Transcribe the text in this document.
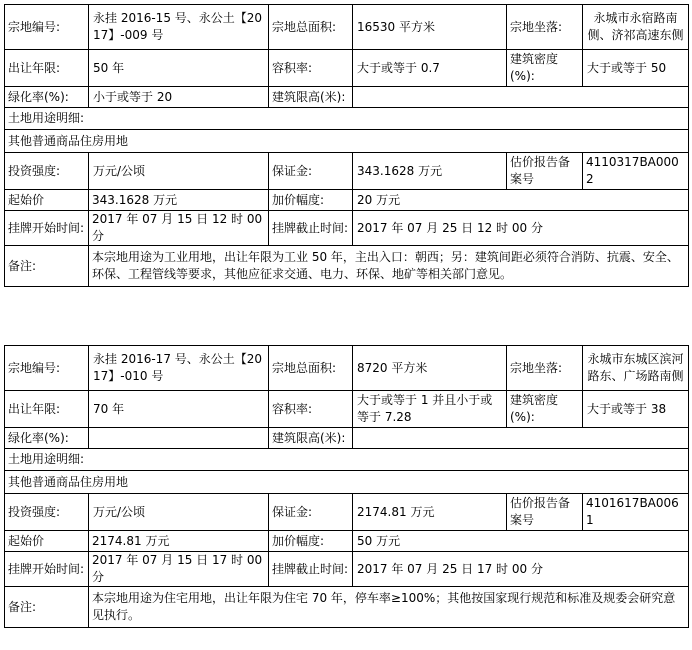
宗地编号:	永挂 2016-15 号、永公土【2017】-009 号	宗地总面积:	16530 平方米	宗地坐落:	永城市永宿路南侧、济祁高速东侧
出让年限:	50 年	容积率:	大于或等于 0.7	建筑密度(%):	大于或等于 50
绿化率(%):	小于或等于 20	建筑限高(米):			
土地用途明细:					
其他普通商品住房用地					
投资强度:	万元/公顷	保证金:	343.1628 万元	估价报告备案号	4110317BA0002
起始价	343.1628 万元	加价幅度:	20 万元		
挂牌开始时间:	2017 年 07 月 15 日 12 时 00 分	挂牌截止时间:	2017 年 07 月 25 日 12 时 00 分		
备注:	本宗地用途为工业用地，出让年限为工业 50 年，主出入口：朝西；另：建筑间距必须符合消防、抗震、安全、环保、工程管线等要求，其他应征求交通、电力、环保、地矿等相关部门意见。				
宗地编号:	永挂 2016-17 号、永公土【2017】-010 号	宗地总面积:	8720 平方米	宗地坐落:	永城市东城区滨河路东、广场路南侧
出让年限:	70 年	容积率:	大于或等于 1 并且小于或等于 7.28	建筑密度(%):	大于或等于 38
绿化率(%):		建筑限高(米):			
土地用途明细:					
其他普通商品住房用地					
投资强度:	万元/公顷	保证金:	2174.81 万元	估价报告备案号	4101617BA0061
起始价	2174.81 万元	加价幅度:	50 万元		
挂牌开始时间:	2017 年 07 月 15 日 17 时 00 分	挂牌截止时间:	2017 年 07 月 25 日 17 时 00 分		
备注:	本宗地用途为住宅用地，出让年限为住宅 70 年，停车率≥100%；其他按国家现行规范和标准及规委会研究意见执行。				
